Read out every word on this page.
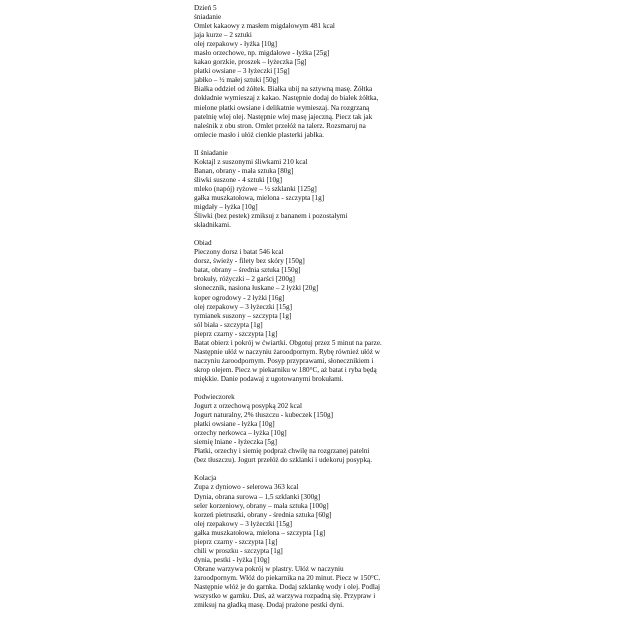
Dzień 5
śniadanie
Omlet kakaowy z masłem migdałowym 481 kcal
jaja kurze – 2 sztuki
olej rzepakowy - łyżka [10g]
masło orzechowe, np. migdałowe - łyżka [25g]
kakao gorzkie, proszek – łyżeczka [5g]
płatki owsiane – 3 łyżeczki [15g]
jabłko – ½ małej sztuki [50g]
Białka oddziel od żółtek. Białka ubij na sztywną masę. Żółtka dokładnie wymieszaj z kakao. Następnie dodaj do białek żółtka, mielone płatki owsiane i delikatnie wymieszaj. Na rozgrzaną patelnię wlej olej. Następnie wlej masę jajeczną. Piecz tak jak naleśnik z obu stron. Omlet przełóż na talerz. Rozsmaruj na omlecie masło i ułóż cienkie plasterki jabłka.
II śniadanie
Koktajl z suszonymi śliwkami 210 kcal
Banan, obrany - mała sztuka [80g]
śliwki suszone - 4 sztuki [10g]
mleko (napój) ryżowe – ½ szklanki [125g]
gałka muszkatołowa, mielona - szczypta [1g]
migdały – łyżka [10g]
Śliwki (bez pestek) zmiksuj z bananem i pozostałymi składnikami.
Obiad
Pieczony dorsz i batat 546 kcal
dorsz, świeży - filety bez skóry [150g]
batat, obrany – średnia sztuka [150g]
brokuły, różyczki – 2 garści [200g]
słonecznik, nasiona łuskane – 2 łyżki [20g]
koper ogrodowy - 2 łyżki [16g]
olej rzepakowy – 3 łyżeczki [15g]
tymianek suszony – szczypta [1g]
sól biała - szczypta [1g]
pieprz czarny - szczypta [1g]
Batat obierz i pokrój w ćwiartki. Obgotuj przez 5 minut na parze. Następnie ułóż w naczyniu żaroodpornym. Rybę również ułóż w naczyniu żaroodpornym. Posyp przyprawami, słonecznikiem i skrop olejem. Piecz w piekarniku w 180°C, aż batat i ryba będą miękkie. Danie podawaj z ugotowanymi brokułami.
Podwieczorek
Jogurt z orzechową posypką 202 kcal
Jogurt naturalny, 2% tłuszczu - kubeczek [150g]
płatki owsiane - łyżka [10g]
orzechy nerkowca – łyżka [10g]
siemię lniane - łyżeczka [5g]
Płatki, orzechy i siemię podpraż chwilę na rozgrzanej patelni (bez tłuszczu). Jogurt przełóż do szklanki i udekoruj posypką.
Kolacja
Zupa z dyniowo - selerowa 363 kcal
Dynia, obrana surowa – 1,5 szklanki [300g]
seler korzeniowy, obrany – mała sztuka [100g]
korzeń pietruszki, obrany - średnia sztuka [60g]
olej rzepakowy – 3 łyżeczki [15g]
gałka muszkatołowa, mielona – szczypta [1g]
pieprz czarny - szczypta [1g]
chili w proszku - szczypta [1g]
dynia, pestki - łyżka [10g]
Obrane warzywa pokrój w plastry. Ułóż w naczyniu żaroodpornym. Włóż do piekarnika na 20 minut. Piecz w 150°C. Następnie włóż je do garnka. Dodaj szklankę wody i olej. Podlaj wszystko w garnku. Duś, aż warzywa rozpadną się. Przypraw i zmiksuj na gładką masę. Dodaj prażone pestki dyni.
